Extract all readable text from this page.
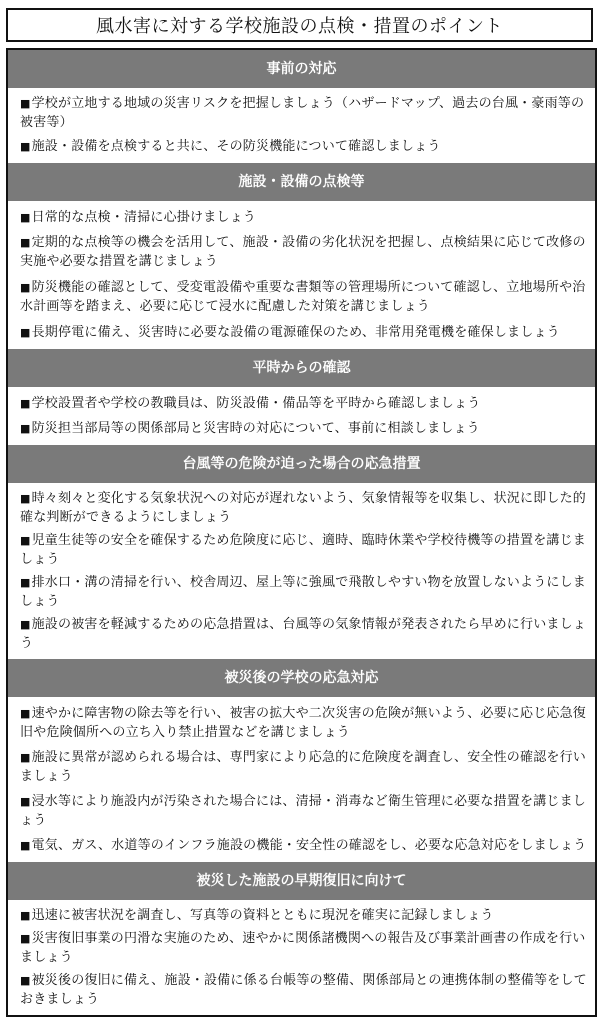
風水害に対する学校施設の点検・措置のポイント
事前の対応
■学校が立地する地域の災害リスクを把握しましょう（ハザードマップ、過去の台風・豪雨等の被害等）
■施設・設備を点検すると共に、その防災機能について確認しましょう
施設・設備の点検等
■日常的な点検・清掃に心掛けましょう
■定期的な点検等の機会を活用して、施設・設備の劣化状況を把握し、点検結果に応じて改修の実施や必要な措置を講じましょう
■防災機能の確認として、受変電設備や重要な書類等の管理場所について確認し、立地場所や治水計画等を踏まえ、必要に応じて浸水に配慮した対策を講じましょう
■長期停電に備え、災害時に必要な設備の電源確保のため、非常用発電機を確保しましょう
平時からの確認
■学校設置者や学校の教職員は、防災設備・備品等を平時から確認しましょう
■防災担当部局等の関係部局と災害時の対応について、事前に相談しましょう
台風等の危険が迫った場合の応急措置
■時々刻々と変化する気象状況への対応が遅れないよう、気象情報等を収集し、状況に即した的確な判断ができるようにしましょう
■児童生徒等の安全を確保するため危険度に応じ、適時、臨時休業や学校待機等の措置を講じましょう
■排水口・溝の清掃を行い、校舎周辺、屋上等に強風で飛散しやすい物を放置しないようにしましょう
■施設の被害を軽減するための応急措置は、台風等の気象情報が発表されたら早めに行いましょう
被災後の学校の応急対応
■速やかに障害物の除去等を行い、被害の拡大や二次災害の危険が無いよう、必要に応じ応急復旧や危険個所への立ち入り禁止措置などを講じましょう
■施設に異常が認められる場合は、専門家により応急的に危険度を調査し、安全性の確認を行いましょう
■浸水等により施設内が汚染された場合には、清掃・消毒など衛生管理に必要な措置を講じましょう
■電気、ガス、水道等のインフラ施設の機能・安全性の確認をし、必要な応急対応をしましょう
被災した施設の早期復旧に向けて
■迅速に被害状況を調査し、写真等の資料とともに現況を確実に記録しましょう
■災害復旧事業の円滑な実施のため、速やかに関係諸機関への報告及び事業計画書の作成を行いましょう
■被災後の復旧に備え、施設・設備に係る台帳等の整備、関係部局との連携体制の整備等をしておきましょう
